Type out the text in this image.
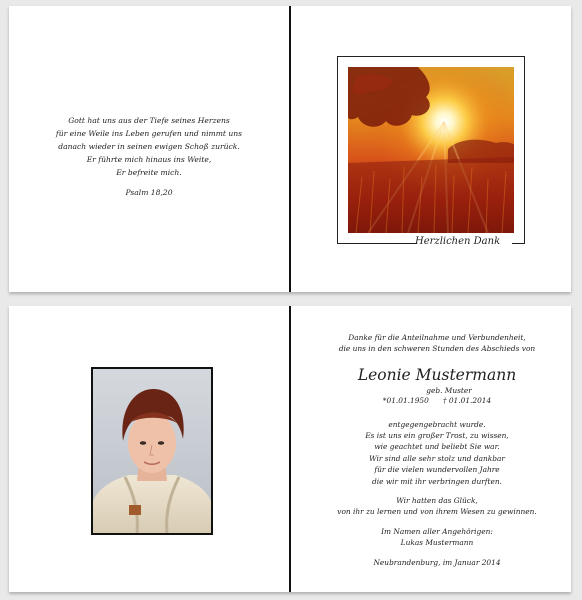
Gott hat uns aus der Tiefe seines Herzens
für eine Weile ins Leben gerufen und nimmt uns
danach wieder in seinen ewigen Schoß zurück.
Er führte mich hinaus ins Weite,
Er befreite mich.
Psalm 18,20
Herzlichen Dank
Danke für die Anteilnahme und Verbundenheit,
die uns in den schweren Stunden des Abschieds von
Leonie Mustermann
geb. Muster
*01.01.1950 † 01.01.2014
entgegengebracht wurde.
Es ist uns ein großer Trost, zu wissen,
wie geachtet und beliebt Sie war.
Wir sind alle sehr stolz und dankbar
für die vielen wundervollen Jahre
die wir mit ihr verbringen durften.
Wir hatten das Glück,
von ihr zu lernen und von ihrem Wesen zu gewinnen.
Im Namen aller Angehörigen:
Lukas Mustermann
Neubrandenburg, im Januar 2014
